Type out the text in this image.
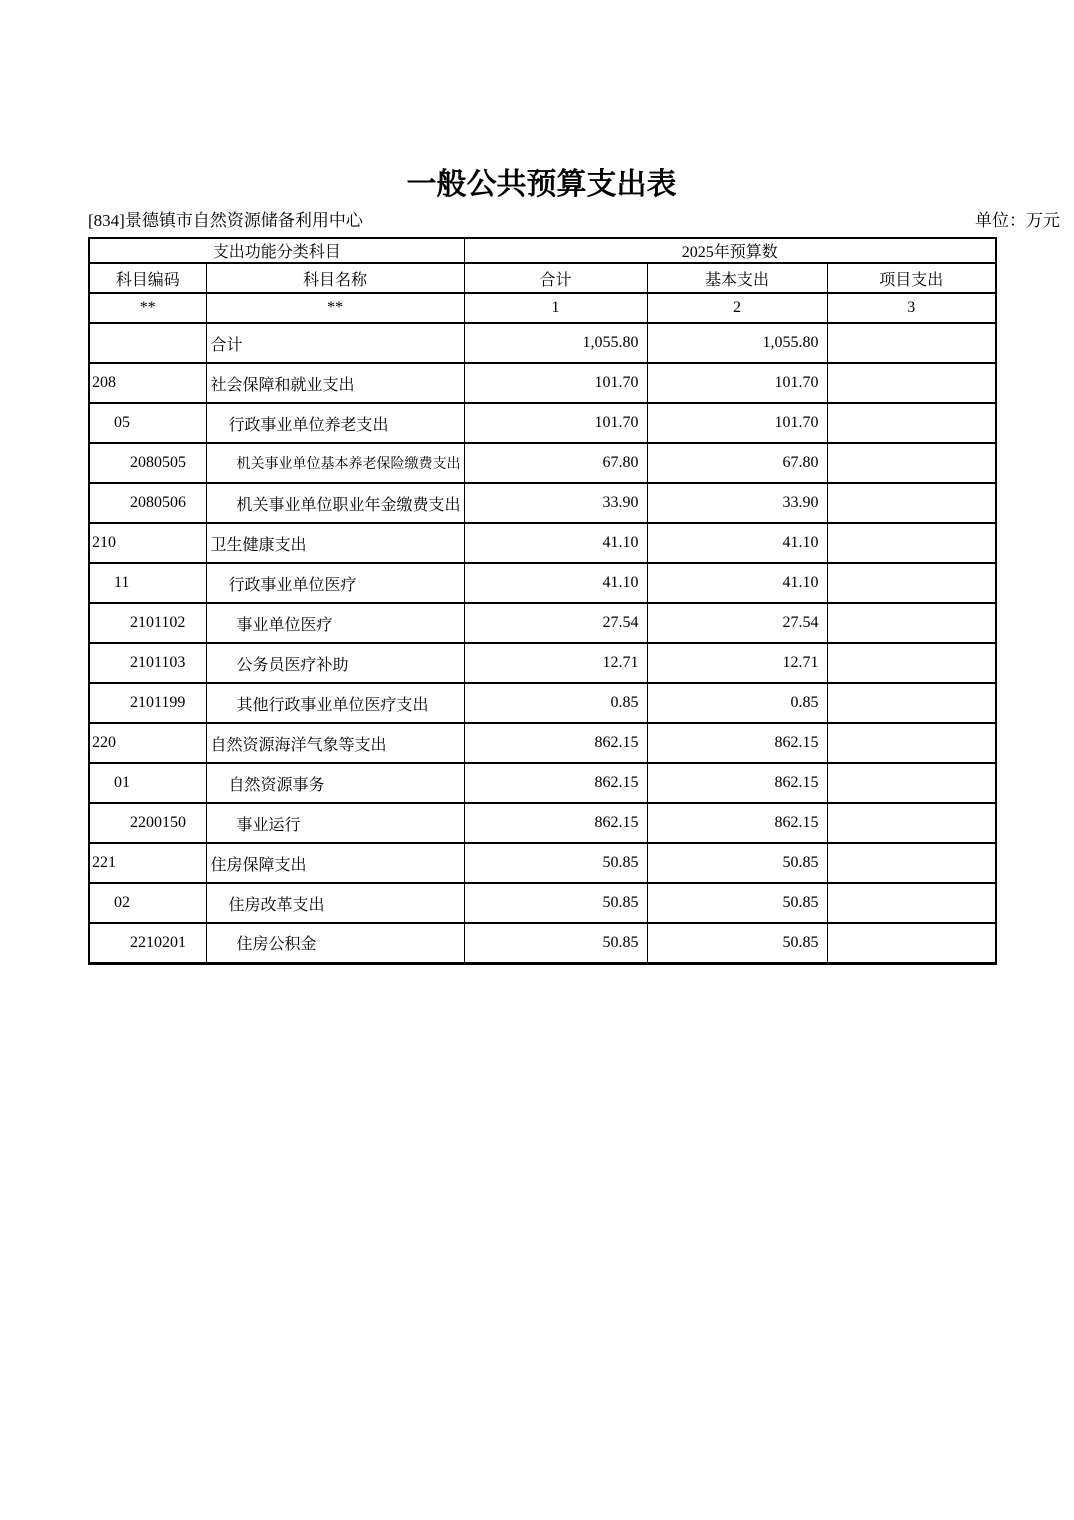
一般公共预算支出表
[834]景德镇市自然资源储备利用中心	单位：万元
支出功能分类科目		2025年预算数		
科目编码	科目名称	合计	基本支出	项目支出
**	**	1	2	3
	合计	1,055.80	1,055.80	
208	社会保障和就业支出	101.70	101.70	
05	行政事业单位养老支出	101.70	101.70	
2080505	机关事业单位基本养老保险缴费支出	67.80	67.80	
2080506	机关事业单位职业年金缴费支出	33.90	33.90	
210	卫生健康支出	41.10	41.10	
11	行政事业单位医疗	41.10	41.10	
2101102	事业单位医疗	27.54	27.54	
2101103	公务员医疗补助	12.71	12.71	
2101199	其他行政事业单位医疗支出	0.85	0.85	
220	自然资源海洋气象等支出	862.15	862.15	
01	自然资源事务	862.15	862.15	
2200150	事业运行	862.15	862.15	
221	住房保障支出	50.85	50.85	
02	住房改革支出	50.85	50.85	
2210201	住房公积金	50.85	50.85	
